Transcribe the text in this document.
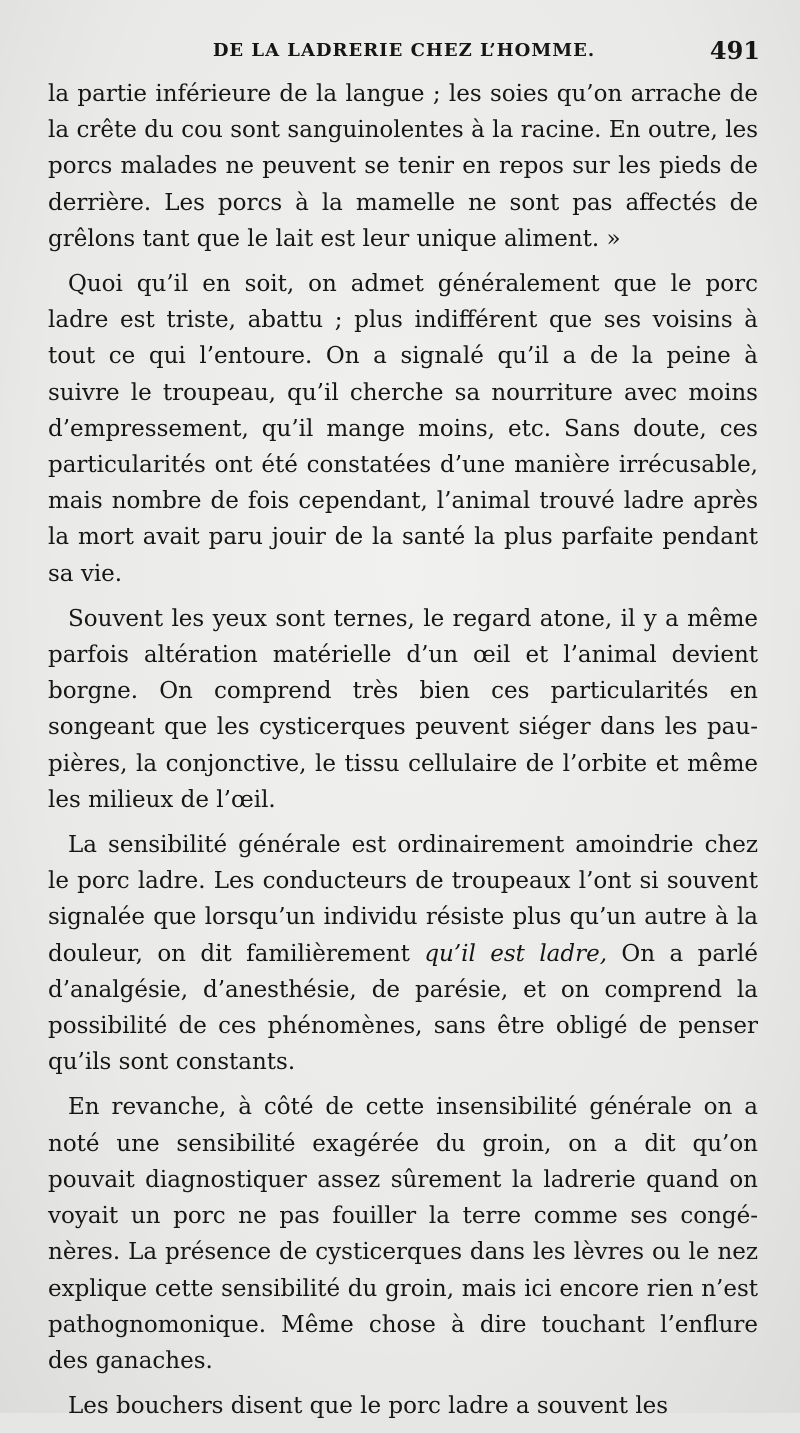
DE LA LADRERIE CHEZ L’HOMME.	491

la partie inférieure de la langue ; les soies qu’on arrache de la crête du cou sont sanguinolentes à la racine. En outre, les porcs malades ne peuvent se tenir en repos sur les pieds de derrière. Les porcs à la mamelle ne sont pas affectés de grêlons tant que le lait est leur unique aliment. »

Quoi qu’il en soit, on admet généralement que le porc ladre est triste, abattu ; plus indifférent que ses voisins à tout ce qui l’entoure. On a signalé qu’il a de la peine à suivre le troupeau, qu’il cherche sa nourriture avec moins d’empressement, qu’il mange moins, etc. Sans doute, ces particularités ont été constatées d’une manière irrécusable, mais nombre de fois cependant, l’animal trouvé ladre après la mort avait paru jouir de la santé la plus parfaite pendant sa vie.

Souvent les yeux sont ternes, le regard atone, il y a même parfois altération matérielle d’un œil et l’animal devient borgne. On comprend très bien ces particularités en songeant que les cysticerques peuvent siéger dans les paupières, la conjonctive, le tissu cellulaire de l’orbite et même les milieux de l’œil.

La sensibilité générale est ordinairement amoindrie chez le porc ladre. Les conducteurs de troupeaux l’ont si souvent signalée que lorsqu’un individu résiste plus qu’un autre à la douleur, on dit familièrement qu’il est ladre, On a parlé d’analgésie, d’anesthésie, de parésie, et on comprend la possibilité de ces phénomènes, sans être obligé de penser qu’ils sont constants.

En revanche, à côté de cette insensibilité générale on a noté une sensibilité exagérée du groin, on a dit qu’on pouvait diagnostiquer assez sûrement la ladrerie quand on voyait un porc ne pas fouiller la terre comme ses congénères. La présence de cysticerques dans les lèvres ou le nez explique cette sensibilité du groin, mais ici encore rien n’est pathognomonique. Même chose à dire touchant l’enflure des ganaches.

Les bouchers disent que le porc ladre a souvent les
